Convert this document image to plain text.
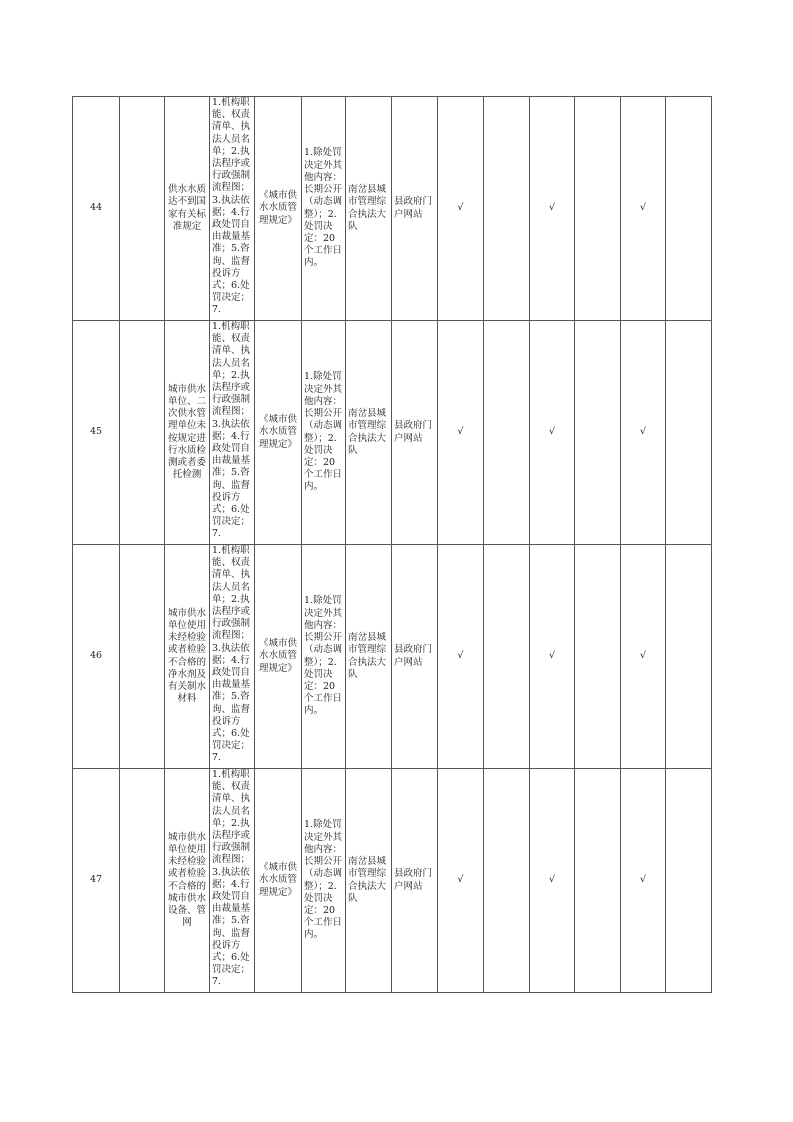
44		供水水质达不到国家有关标准规定	1.机构职能、权责清单、执法人员名单；2.执法程序或行政强制流程图；3.执法依据；4.行政处罚自由裁量基准；5.咨询、监督投诉方式；6.处罚决定；7.	《城市供水水质管理规定》	1.除处罚决定外其他内容：长期公开（动态调整）；2.处罚决定：20个工作日内。	南岔县城市管理综合执法大队	县政府门户网站	√		√		√	
45		城市供水单位、二次供水管理单位未按规定进行水质检测或者委托检测	1.机构职能、权责清单、执法人员名单；2.执法程序或行政强制流程图；3.执法依据；4.行政处罚自由裁量基准；5.咨询、监督投诉方式；6.处罚决定；7.	《城市供水水质管理规定》	1.除处罚决定外其他内容：长期公开（动态调整）；2.处罚决定：20个工作日内。	南岔县城市管理综合执法大队	县政府门户网站	√		√		√	
46		城市供水单位使用未经检验或者检验不合格的净水剂及有关制水材料	1.机构职能、权责清单、执法人员名单；2.执法程序或行政强制流程图；3.执法依据；4.行政处罚自由裁量基准；5.咨询、监督投诉方式；6.处罚决定；7.	《城市供水水质管理规定》	1.除处罚决定外其他内容：长期公开（动态调整）；2.处罚决定：20个工作日内。	南岔县城市管理综合执法大队	县政府门户网站	√		√		√	
47		城市供水单位使用未经检验或者检验不合格的城市供水设备、管网	1.机构职能、权责清单、执法人员名单；2.执法程序或行政强制流程图；3.执法依据；4.行政处罚自由裁量基准；5.咨询、监督投诉方式；6.处罚决定；7.	《城市供水水质管理规定》	1.除处罚决定外其他内容：长期公开（动态调整）；2.处罚决定：20个工作日内。	南岔县城市管理综合执法大队	县政府门户网站	√		√		√	
